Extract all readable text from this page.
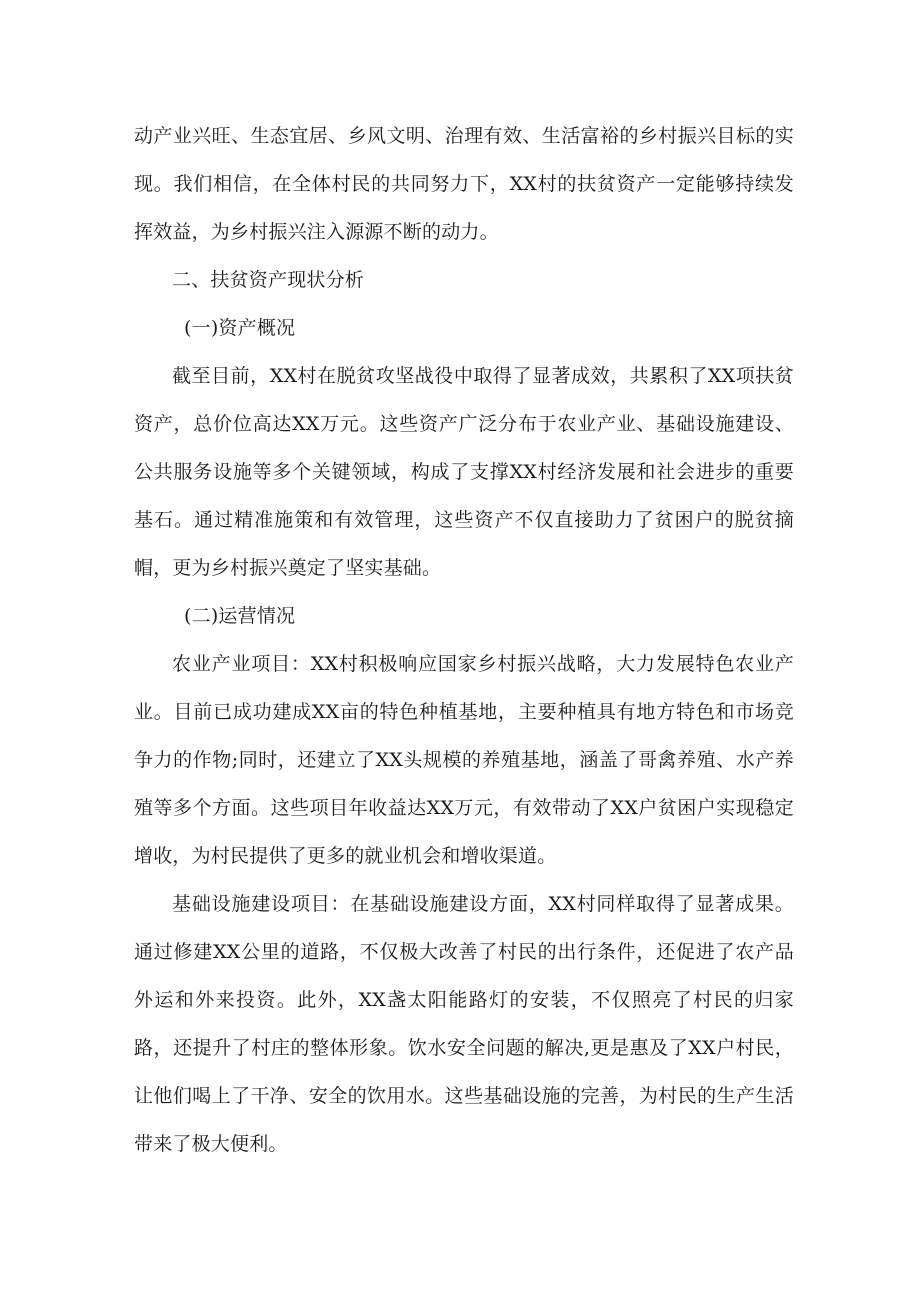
动产业兴旺、生态宜居、乡风文明、治理有效、生活富裕的乡村振兴目标的实现。我们相信，在全体村民的共同努力下，XX村的扶贫资产一定能够持续发挥效益，为乡村振兴注入源源不断的动力。

二、扶贫资产现状分析

(一)资产概况

截至目前，XX村在脱贫攻坚战役中取得了显著成效，共累积了XX项扶贫资产，总价位高达XX万元。这些资产广泛分布于农业产业、基础设施建设、公共服务设施等多个关键领域，构成了支撑XX村经济发展和社会进步的重要基石。通过精准施策和有效管理，这些资产不仅直接助力了贫困户的脱贫摘帽，更为乡村振兴奠定了坚实基础。

(二)运营情况

农业产业项目：XX村积极响应国家乡村振兴战略，大力发展特色农业产业。目前已成功建成XX亩的特色种植基地，主要种植具有地方特色和市场竞争力的作物;同时，还建立了XX头规模的养殖基地，涵盖了哥禽养殖、水产养殖等多个方面。这些项目年收益达XX万元，有效带动了XX户贫困户实现稳定增收，为村民提供了更多的就业机会和增收渠道。

基础设施建设项目：在基础设施建设方面，XX村同样取得了显著成果。通过修建XX公里的道路，不仅极大改善了村民的出行条件，还促进了农产品外运和外来投资。此外，XX盏太阳能路灯的安装，不仅照亮了村民的归家路，还提升了村庄的整体形象。饮水安全问题的解决,更是惠及了XX户村民，让他们喝上了干净、安全的饮用水。这些基础设施的完善，为村民的生产生活带来了极大便利。
